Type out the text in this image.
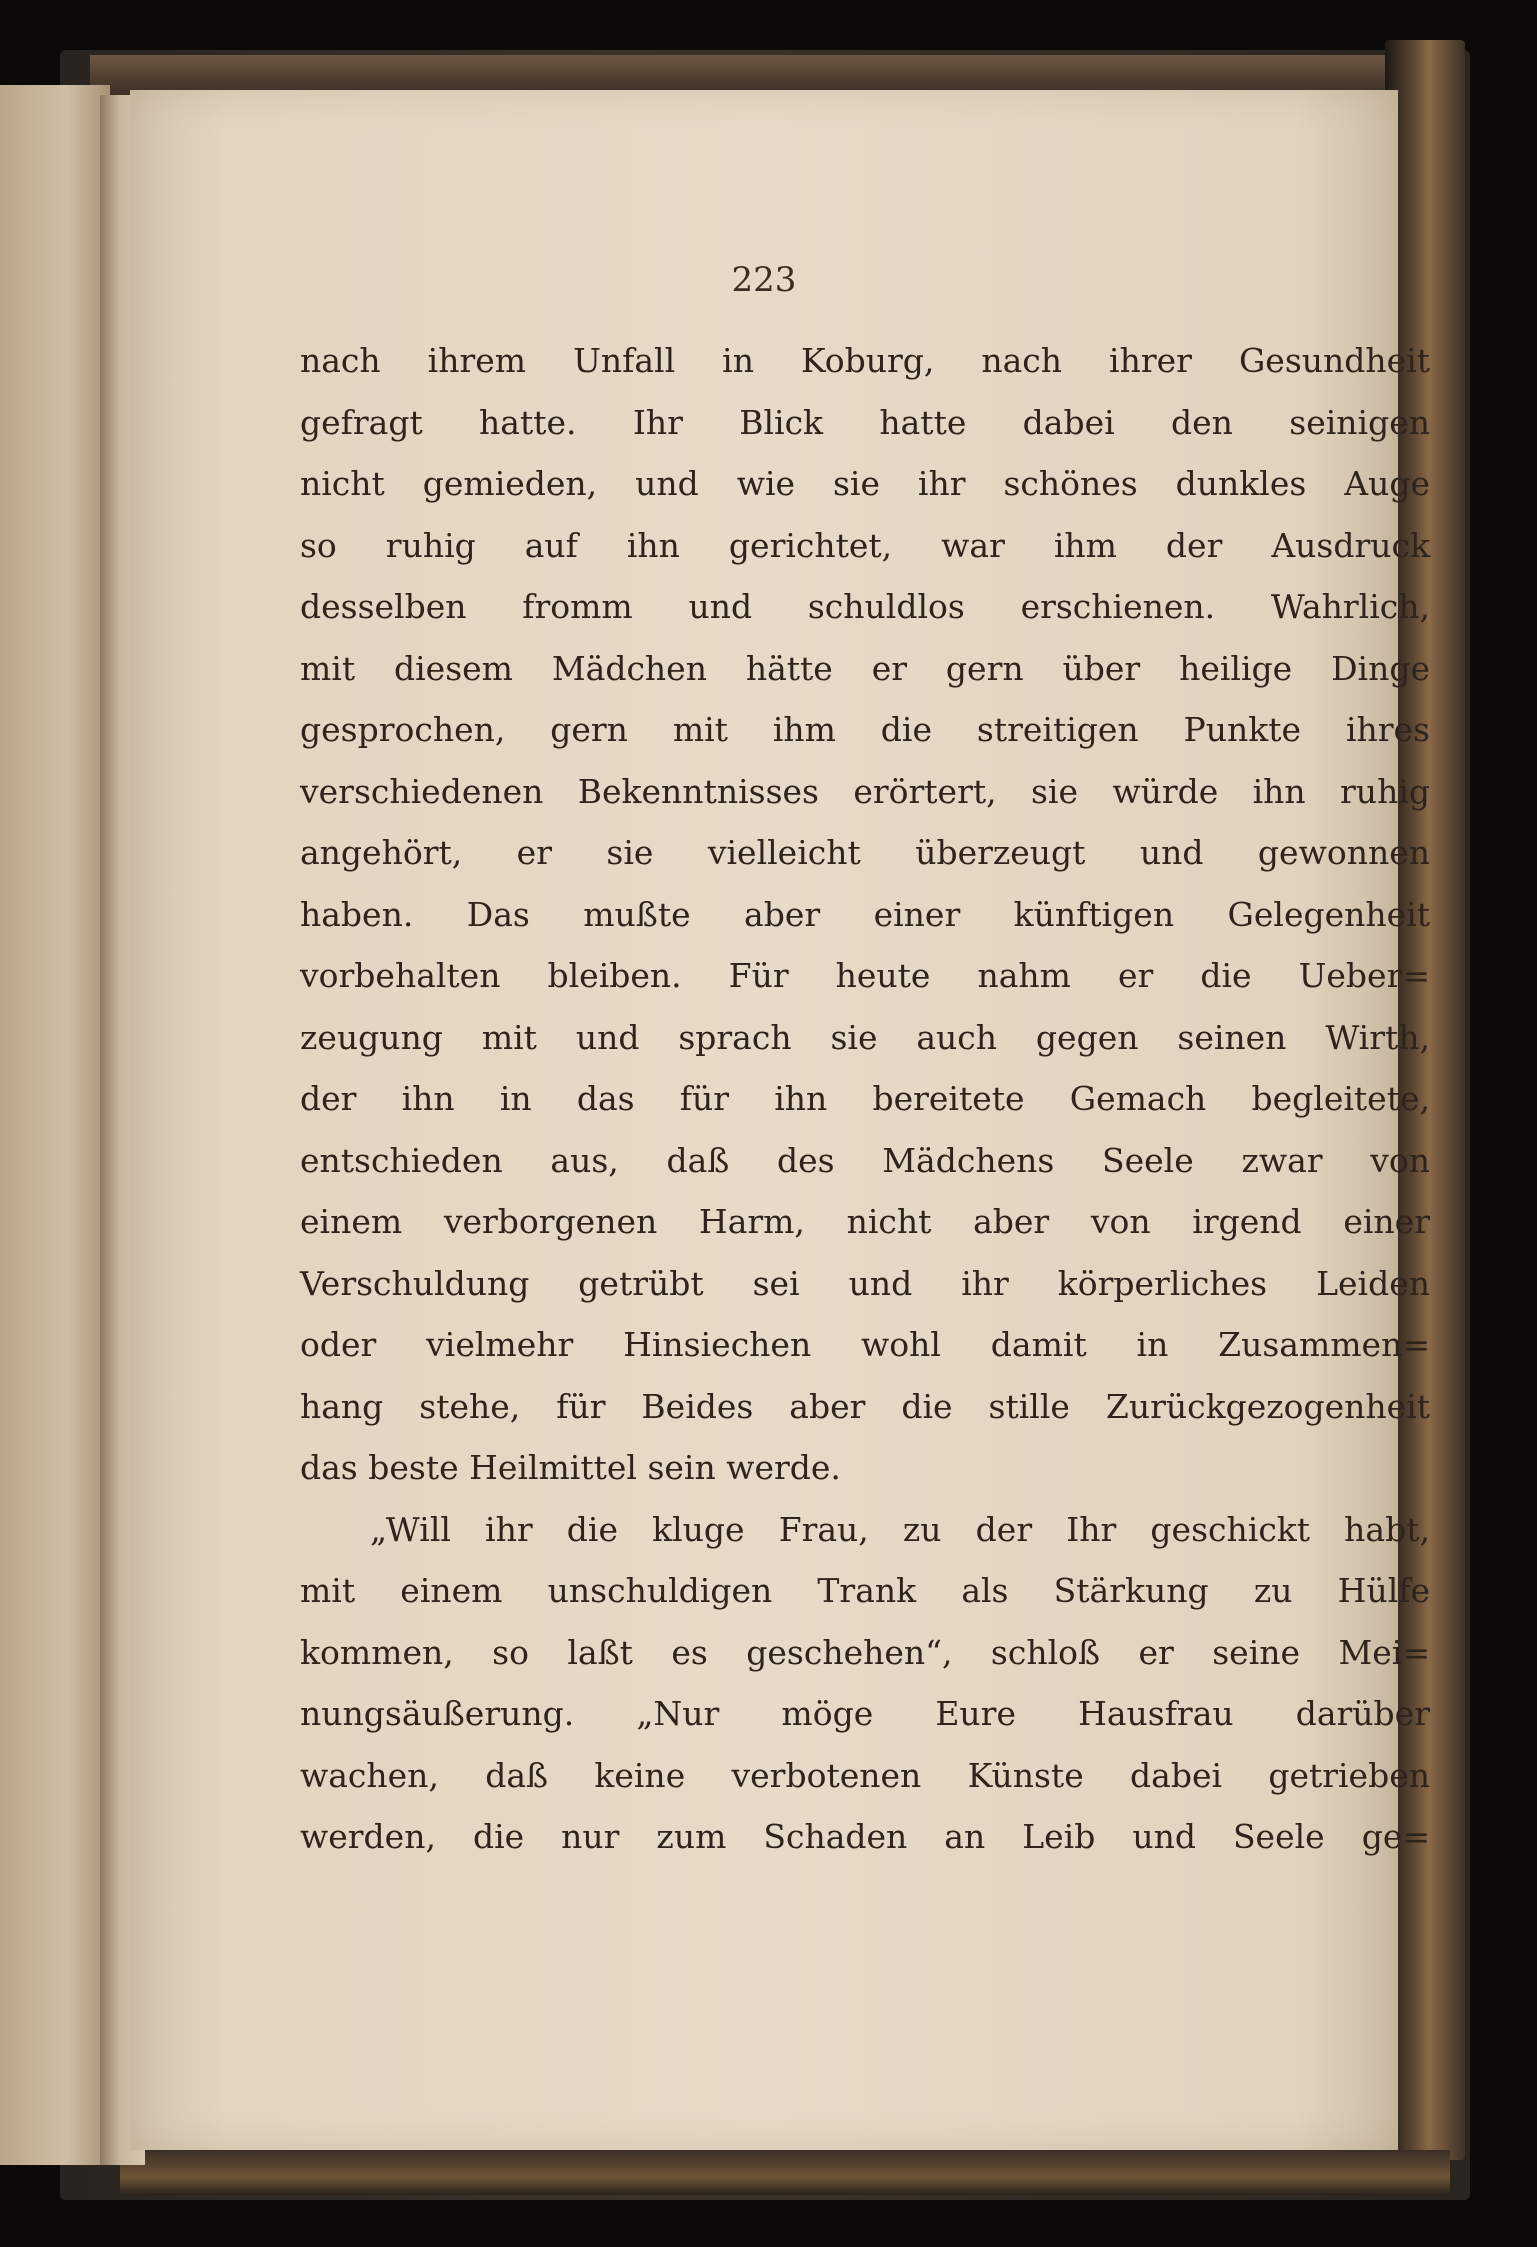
223

nach ihrem Unfall in Koburg, nach ihrer Gesundheit
gefragt hatte. Ihr Blick hatte dabei den seinigen
nicht gemieden, und wie sie ihr schönes dunkles Auge
so ruhig auf ihn gerichtet, war ihm der Ausdruck
desselben fromm und schuldlos erschienen. Wahrlich,
mit diesem Mädchen hätte er gern über heilige Dinge
gesprochen, gern mit ihm die streitigen Punkte ihres
verschiedenen Bekenntnisses erörtert, sie würde ihn ruhig
angehört, er sie vielleicht überzeugt und gewonnen
haben. Das mußte aber einer künftigen Gelegenheit
vorbehalten bleiben. Für heute nahm er die Ueber=
zeugung mit und sprach sie auch gegen seinen Wirth,
der ihn in das für ihn bereitete Gemach begleitete,
entschieden aus, daß des Mädchens Seele zwar von
einem verborgenen Harm, nicht aber von irgend einer
Verschuldung getrübt sei und ihr körperliches Leiden
oder vielmehr Hinsiechen wohl damit in Zusammen=
hang stehe, für Beides aber die stille Zurückgezogenheit
das beste Heilmittel sein werde.
„Will ihr die kluge Frau, zu der Ihr geschickt habt,
mit einem unschuldigen Trank als Stärkung zu Hülfe
kommen, so laßt es geschehen“, schloß er seine Mei=
nungsäußerung. „Nur möge Eure Hausfrau darüber
wachen, daß keine verbotenen Künste dabei getrieben
werden, die nur zum Schaden an Leib und Seele ge=
